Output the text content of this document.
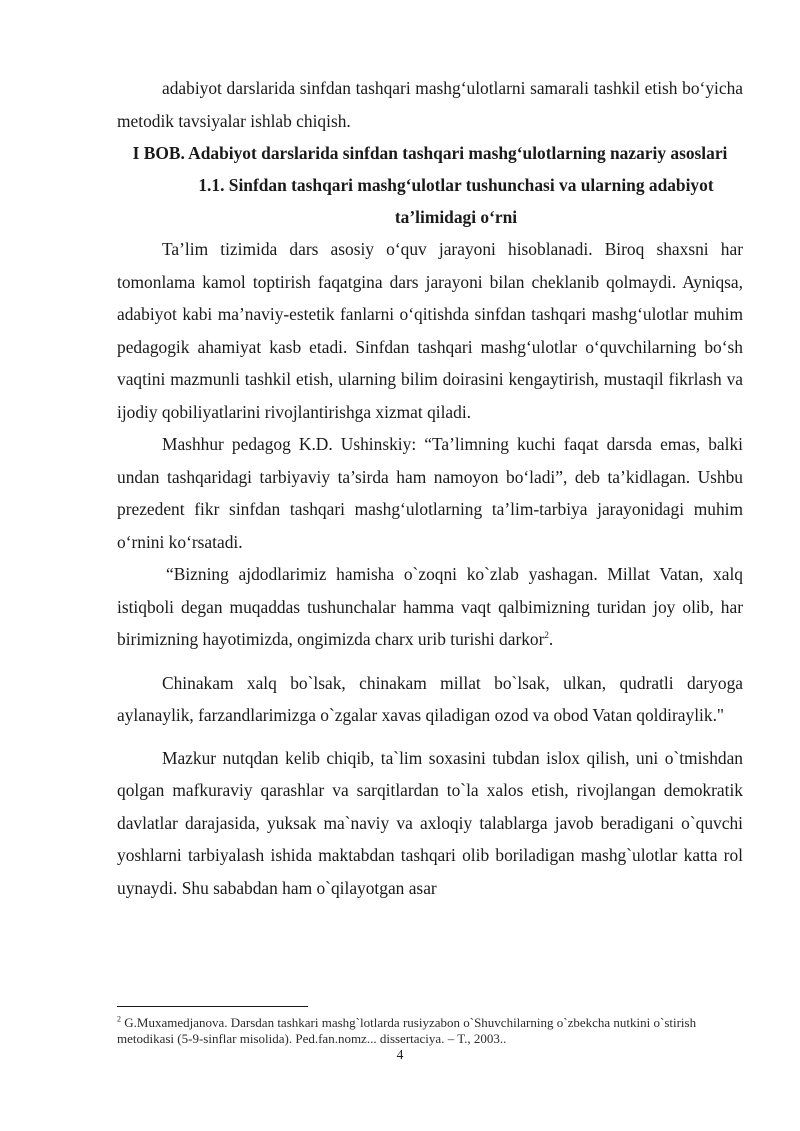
adabiyot darslarida sinfdan tashqari mashg‘ulotlarni samarali tashkil etish bo‘yicha metodik tavsiyalar ishlab chiqish.

I BOB. Adabiyot darslarida sinfdan tashqari mashg‘ulotlarning nazariy asoslari
1.1. Sinfdan tashqari mashg‘ulotlar tushunchasi va ularning adabiyot ta’limidagi o‘rni

Ta’lim tizimida dars asosiy o‘quv jarayoni hisoblanadi. Biroq shaxsni har tomonlama kamol toptirish faqatgina dars jarayoni bilan cheklanib qolmaydi. Ayniqsa, adabiyot kabi ma’naviy-estetik fanlarni o‘qitishda sinfdan tashqari mashg‘ulotlar muhim pedagogik ahamiyat kasb etadi. Sinfdan tashqari mashg‘ulotlar o‘quvchilarning bo‘sh vaqtini mazmunli tashkil etish, ularning bilim doirasini kengaytirish, mustaqil fikrlash va ijodiy qobiliyatlarini rivojlantirishga xizmat qiladi.

Mashhur pedagog K.D. Ushinskiy: “Ta’limning kuchi faqat darsda emas, balki undan tashqaridagi tarbiyaviy ta’sirda ham namoyon bo‘ladi”, deb ta’kidlagan. Ushbu prezedent fikr sinfdan tashqari mashg‘ulotlarning ta’lim-tarbiya jarayonidagi muhim o‘rnini ko‘rsatadi.

“Bizning ajdodlarimiz hamisha o`zoqni ko`zlab yashagan. Millat Vatan, xalq istiqboli degan muqaddas tushunchalar hamma vaqt qalbimizning turidan joy olib, har birimizning hayotimizda, ongimizda charx urib turishi darkor$^2$.

Chinakam xalq bo`lsak, chinakam millat bo`lsak, ulkan, qudratli daryoga aylanaylik, farzandlarimizga o`zgalar xavas qiladigan ozod va obod Vatan qoldiraylik."

Mazkur nutqdan kelib chiqib, ta`lim soxasini tubdan islox qilish, uni o`tmishdan qolgan mafkuraviy qarashlar va sarqitlardan to`la xalos etish, rivojlangan demokratik davlatlar darajasida, yuksak ma`naviy va axloqiy talablarga javob beradigani o`quvchi yoshlarni tarbiyalash ishida maktabdan tashqari olib boriladigan mashg`ulotlar katta rol uynaydi. Shu sababdan ham o`qilayotgan asar

$^2$ G.Muxamedjanova. Darsdan tashkari mashg`lotlarda rusiyzabon o`Shuvchilarning o`zbekcha nutkini o`stirish metodikasi (5-9-sinflar misolida). Ped.fan.nomz... dissertaciya. – T., 2003..
4
